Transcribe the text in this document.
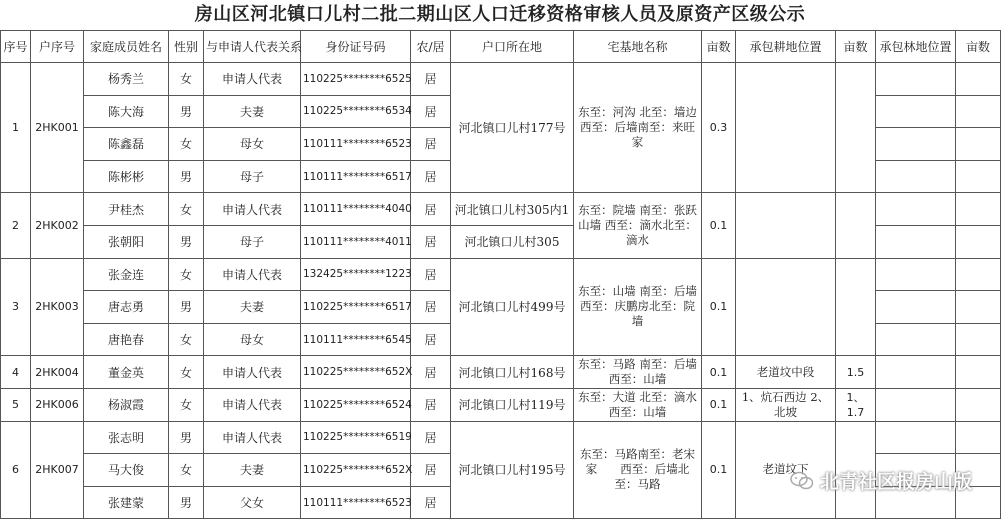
房山区河北镇口儿村二批二期山区人口迁移资格审核人员及原资产区级公示
序号	户序号	家庭成员姓名	性别	与申请人代表关系	身份证号码	农/居	户口所在地	宅基地名称	亩数	承包耕地位置	亩数	承包林地位置	亩数
1	2HK001	杨秀兰	女	申请人代表	110225********6525	居	河北镇口儿村177号	东至：河沟 北至：墙边　西至：后墙南至：来旺家	0.3				
		陈大海	男	夫妻	110225********6534	居							
		陈鑫磊	女	母女	110111********6523	居							
		陈彬彬	男	母子	110111********6517	居							
2	2HK002	尹桂杰	女	申请人代表	110111********4040	居	河北镇口儿村305内1	东至：院墙 南至：张跃山墙 西至：滴水北至：滴水	0.1				
		张朝阳	男	母子	110111********4011	居	河北镇口儿村305						
3	2HK003	张金连	女	申请人代表	132425********1223	居	河北镇口儿村499号	东至：山墙 南至：后墙　　西至：庆鹏房北至：院墙	0.1				
		唐志勇	男	夫妻	110225********6517	居							
		唐艳春	女	母女	110111********6545	居							
4	2HK004	董金英	女	申请人代表	110225********652X	居	河北镇口儿村168号	东至：马路 南至：后墙　　西至：山墙	0.1	老道坟中段	1.5		
5	2HK006	杨淑霞	女	申请人代表	110225********6524	居	河北镇口儿村119号	东至：大道 北至：滴水　　西至：山墙	0.1	1、炕石西边 2、北坡	1、1.7		
6	2HK007	张志明	男	申请人代表	110225********6519	居	河北镇口儿村195号	东至：马路南至：老宋家　　西至：后墙北至：马路	0.1	老道坟下			
		马大俊	女	夫妻	110225********652X	居							
		张建蒙	男	父女	110111********6523	居							
北青社区报房山版
